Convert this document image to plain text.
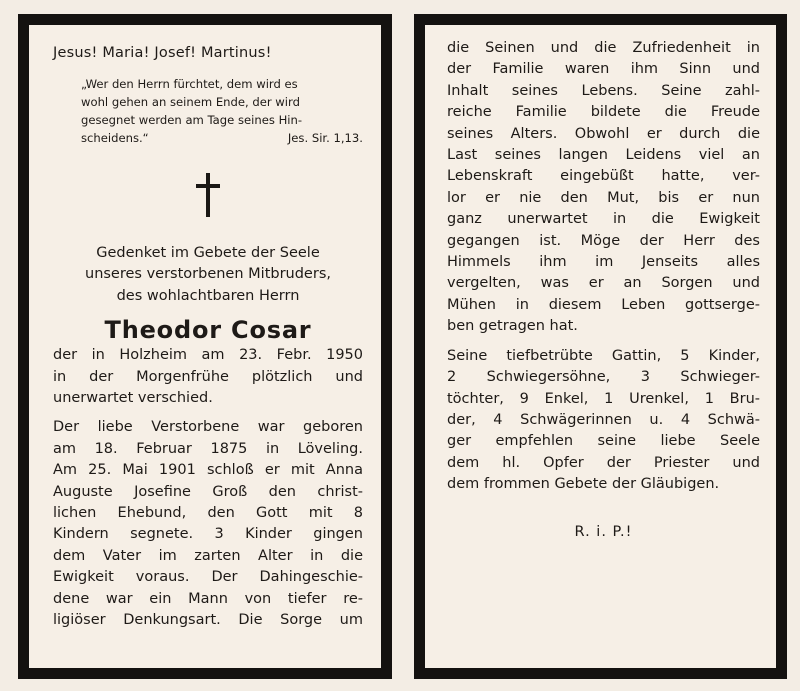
Jesus! Maria! Josef! Martinus!
„Wer den Herrn fürchtet, dem wird es
wohl gehen an seinem Ende, der wird
gesegnet werden am Tage seines Hin-
scheidens.“	Jes. Sir. 1,13.
Gedenket im Gebete der Seele
unseres verstorbenen Mitbruders,
des wohlachtbaren Herrn
Theodor Cosar
der in Holzheim am 23. Febr. 1950
in der Morgenfrühe plötzlich und
unerwartet verschied.
Der liebe Verstorbene war geboren
am 18. Februar 1875 in Löveling.
Am 25. Mai 1901 schloß er mit Anna
Auguste Josefine Groß den christ-
lichen Ehebund, den Gott mit 8
Kindern segnete. 3 Kinder gingen
dem Vater im zarten Alter in die
Ewigkeit voraus. Der Dahingeschie-
dene war ein Mann von tiefer re-
ligiöser Denkungsart. Die Sorge um
die Seinen und die Zufriedenheit in
der Familie waren ihm Sinn und
Inhalt seines Lebens. Seine zahl-
reiche Familie bildete die Freude
seines Alters. Obwohl er durch die
Last seines langen Leidens viel an
Lebenskraft eingebüßt hatte, ver-
lor er nie den Mut, bis er nun
ganz unerwartet in die Ewigkeit
gegangen ist. Möge der Herr des
Himmels ihm im Jenseits alles
vergelten, was er an Sorgen und
Mühen in diesem Leben gottserge-
ben getragen hat.
Seine tiefbetrübte Gattin, 5 Kinder,
2 Schwiegersöhne, 3 Schwieger-
töchter, 9 Enkel, 1 Urenkel, 1 Bru-
der, 4 Schwägerinnen u. 4 Schwä-
ger empfehlen seine liebe Seele
dem hl. Opfer der Priester und
dem frommen Gebete der Gläubigen.
R. i. P.!
